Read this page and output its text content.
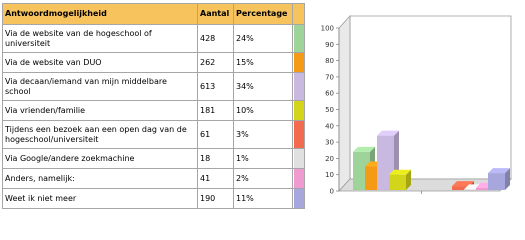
Antwoordmogelijkheid	Aantal	Percentage	
Via de website van de hogeschool of universiteit	428	24%	

Via de website van DUO	262	15%	

Via decaan/iemand van mijn middelbare school	613	34%	

Via vrienden/familie	181	10%	

Tijdens een bezoek aan een open dag van de hogeschool/universiteit	61	3%	

Via Google/andere zoekmachine	18	1%	

Anders, namelijk:	41	2%	

Weet ik niet meer	190	11%	
100
90
80
70
60
50
40
30
20
10
0
